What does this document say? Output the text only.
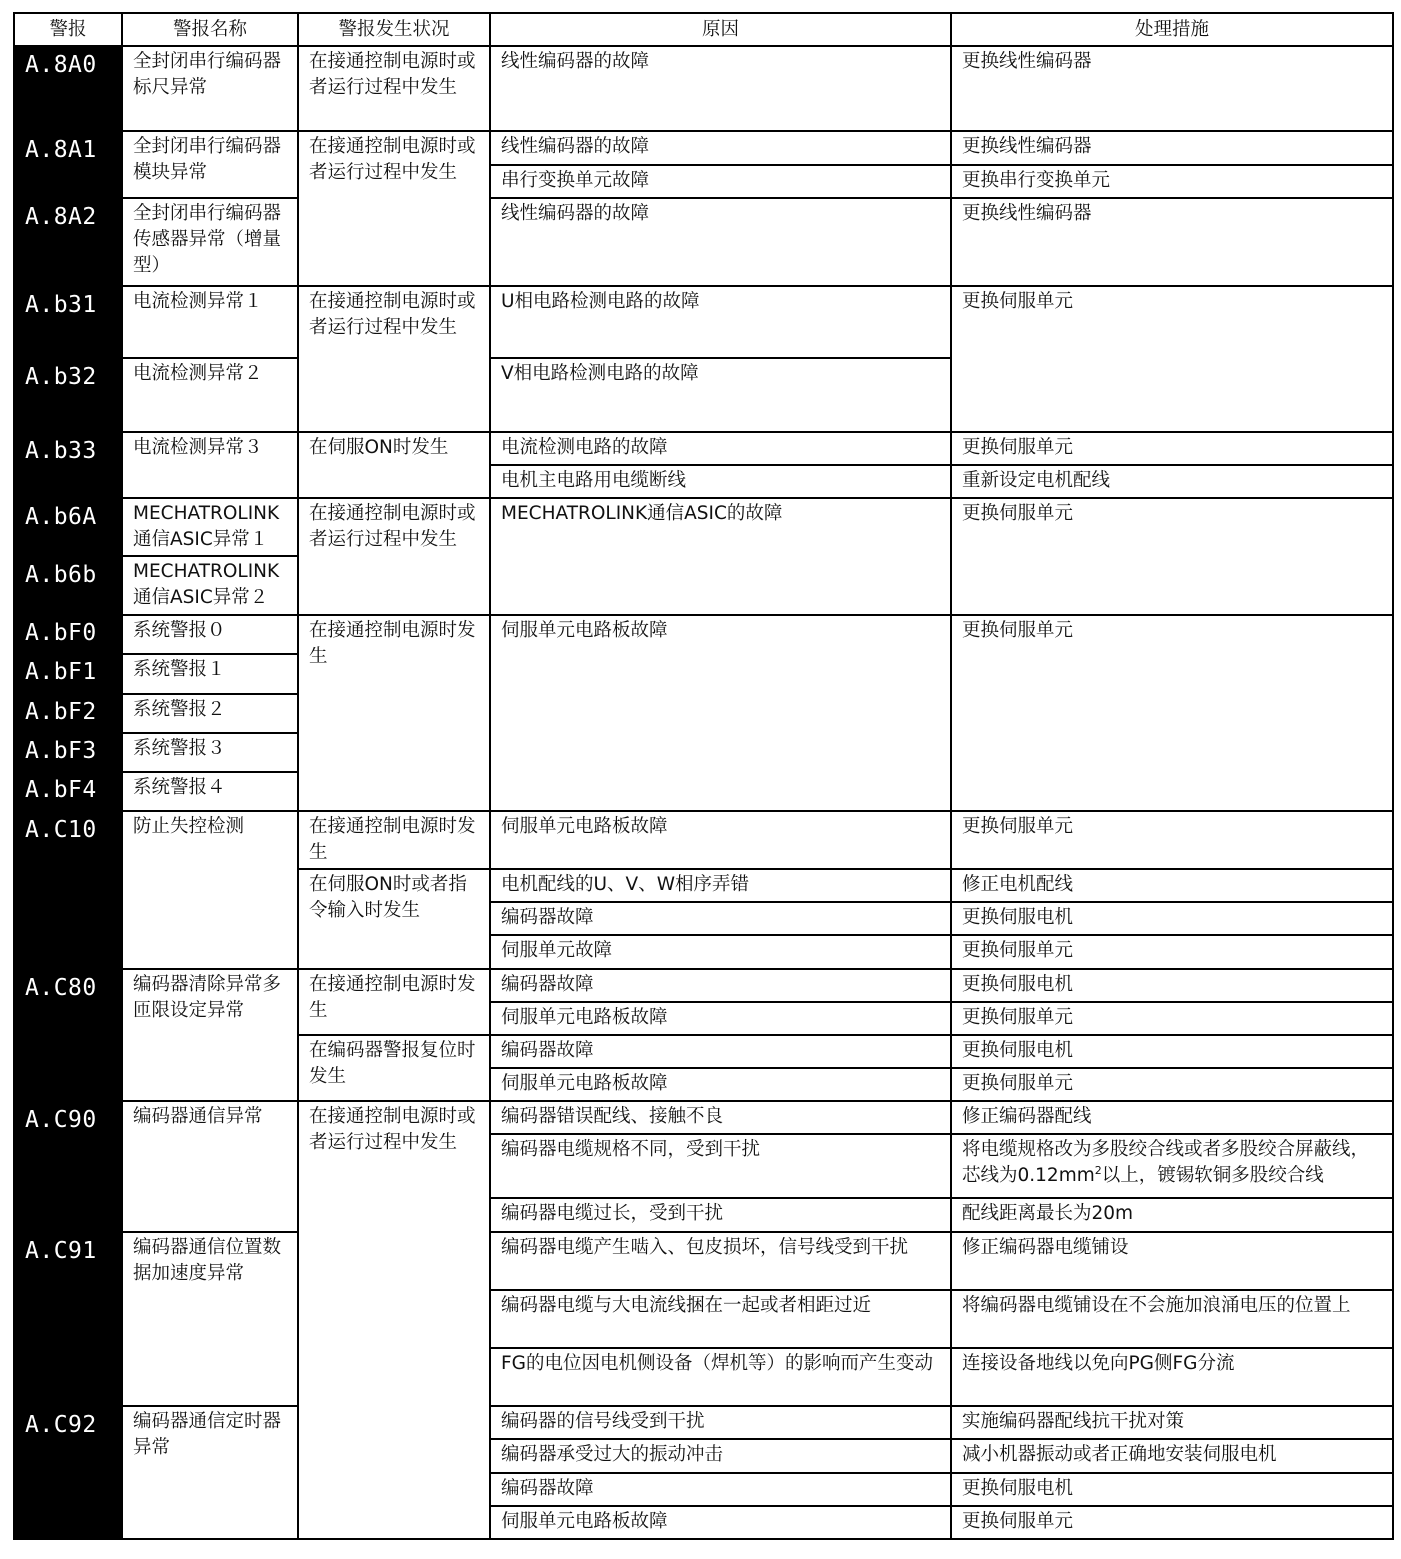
警报	警报名称	警报发生状况	原因	处理措施
A.8A0	全封闭串行编码器标尺异常	在接通控制电源时或者运行过程中发生	线性编码器的故障	更换线性编码器
A.8A1	全封闭串行编码器模块异常	在接通控制电源时或者运行过程中发生	线性编码器的故障	更换线性编码器
			串行变换单元故障	更换串行变换单元
A.8A2	全封闭串行编码器传感器异常（增量型）		线性编码器的故障	更换线性编码器
A.b31	电流检测异常１	在接通控制电源时或者运行过程中发生	U相电路检测电路的故障	更换伺服单元
A.b32	电流检测异常２		V相电路检测电路的故障	
A.b33	电流检测异常３	在伺服ON时发生	电流检测电路的故障	更换伺服单元
			电机主电路用电缆断线	重新设定电机配线
A.b6A	MECHATROLINK通信ASIC异常１	在接通控制电源时或者运行过程中发生	MECHATROLINK通信ASIC的故障	更换伺服单元
A.b6b	MECHATROLINK通信ASIC异常２			
A.bF0	系统警报０	在接通控制电源时发生	伺服单元电路板故障	更换伺服单元
A.bF1	系统警报１			
A.bF2	系统警报２			
A.bF3	系统警报３			
A.bF4	系统警报４			
A.C10	防止失控检测	在接通控制电源时发生	伺服单元电路板故障	更换伺服单元
		在伺服ON时或者指令输入时发生	电机配线的U、V、W相序弄错	修正电机配线
			编码器故障	更换伺服电机
			伺服单元故障	更换伺服单元
A.C80	编码器清除异常多匝限设定异常	在接通控制电源时发生	编码器故障	更换伺服电机
			伺服单元电路板故障	更换伺服单元
		在编码器警报复位时发生	编码器故障	更换伺服电机
			伺服单元电路板故障	更换伺服单元
A.C90	编码器通信异常	在接通控制电源时或者运行过程中发生	编码器错误配线、接触不良	修正编码器配线
			编码器电缆规格不同，受到干扰	将电缆规格改为多股绞合线或者多股绞合屏蔽线，芯线为$0.12mm^2$以上，镀锡软铜多股绞合线
			编码器电缆过长，受到干扰	配线距离最长为20m
A.C91	编码器通信位置数据加速度异常		编码器电缆产生啮入、包皮损坏，信号线受到干扰	修正编码器电缆铺设
			编码器电缆与大电流线捆在一起或者相距过近	将编码器电缆铺设在不会施加浪涌电压的位置上
			FG的电位因电机侧设备（焊机等）的影响而产生变动	连接设备地线以免向PG侧FG分流
A.C92	编码器通信定时器异常		编码器的信号线受到干扰	实施编码器配线抗干扰对策
			编码器承受过大的振动冲击	减小机器振动或者正确地安装伺服电机
			编码器故障	更换伺服电机
			伺服单元电路板故障	更换伺服单元
